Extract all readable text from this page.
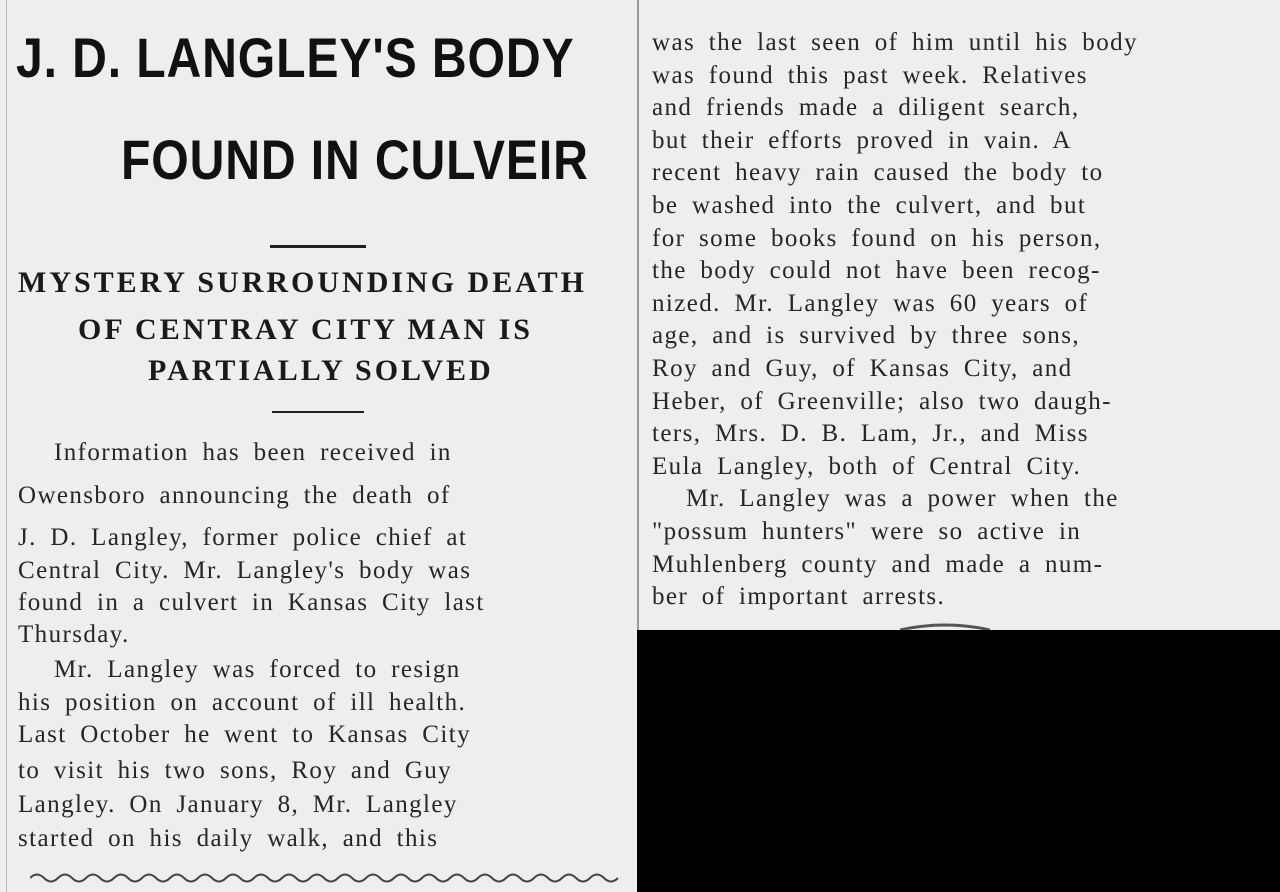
J. D. LANGLEY'S BODY
FOUND IN CULVEIR
MYSTERY SURROUNDING DEATH
OF CENTRAY CITY MAN IS
PARTIALLY SOLVED
Information has been received in
Owensboro announcing the death of
J. D. Langley, former police chief at
Central City. Mr. Langley's body was
found in a culvert in Kansas City last
Thursday.
Mr. Langley was forced to resign
his position on account of ill health.
Last October he went to Kansas City
to visit his two sons, Roy and Guy
Langley. On January 8, Mr. Langley
started on his daily walk, and this
was the last seen of him until his body
was found this past week. Relatives
and friends made a diligent search,
but their efforts proved in vain. A
recent heavy rain caused the body to
be washed into the culvert, and but
for some books found on his person,
the body could not have been recog-
nized. Mr. Langley was 60 years of
age, and is survived by three sons,
Roy and Guy, of Kansas City, and
Heber, of Greenville; also two daugh-
ters, Mrs. D. B. Lam, Jr., and Miss
Eula Langley, both of Central City.
Mr. Langley was a power when the
"possum hunters" were so active in
Muhlenberg county and made a num-
ber of important arrests.
